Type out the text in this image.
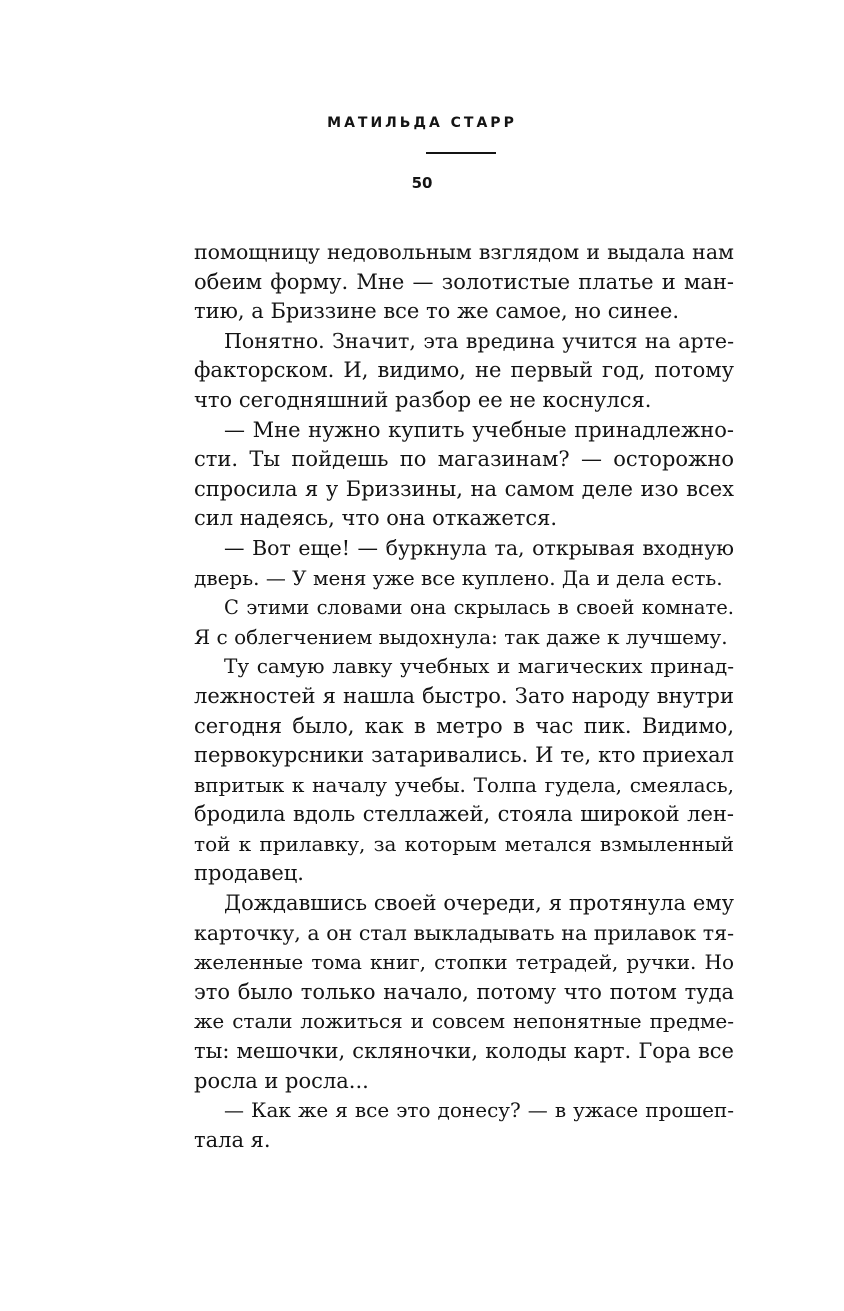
МАТИЛЬДА СТАРР
50
помощницу недовольным взглядом и выдала нам
обеим форму. Мне — золотистые платье и ман-
тию, а Бриззине все то же самое, но синее.
Понятно. Значит, эта вредина учится на арте-
факторском. И, видимо, не первый год, потому
что сегодняшний разбор ее не коснулся.
— Мне нужно купить учебные принадлежно-
сти. Ты пойдешь по магазинам? — осторожно
спросила я у Бриззины, на самом деле изо всех
сил надеясь, что она откажется.
— Вот еще! — буркнула та, открывая входную
дверь. — У меня уже все куплено. Да и дела есть.
С этими словами она скрылась в своей комнате.
Я с облегчением выдохнула: так даже к лучшему.
Ту самую лавку учебных и магических принад-
лежностей я нашла быстро. Зато народу внутри
сегодня было, как в метро в час пик. Видимо,
первокурсники затаривались. И те, кто приехал
впритык к началу учебы. Толпа гудела, смеялась,
бродила вдоль стеллажей, стояла широкой лен-
той к прилавку, за которым метался взмыленный
продавец.
Дождавшись своей очереди, я протянула ему
карточку, а он стал выкладывать на прилавок тя-
желенные тома книг, стопки тетрадей, ручки. Но
это было только начало, потому что потом туда
же стали ложиться и совсем непонятные предме-
ты: мешочки, скляночки, колоды карт. Гора все
росла и росла...
— Как же я все это донесу? — в ужасе прошеп-
тала я.
